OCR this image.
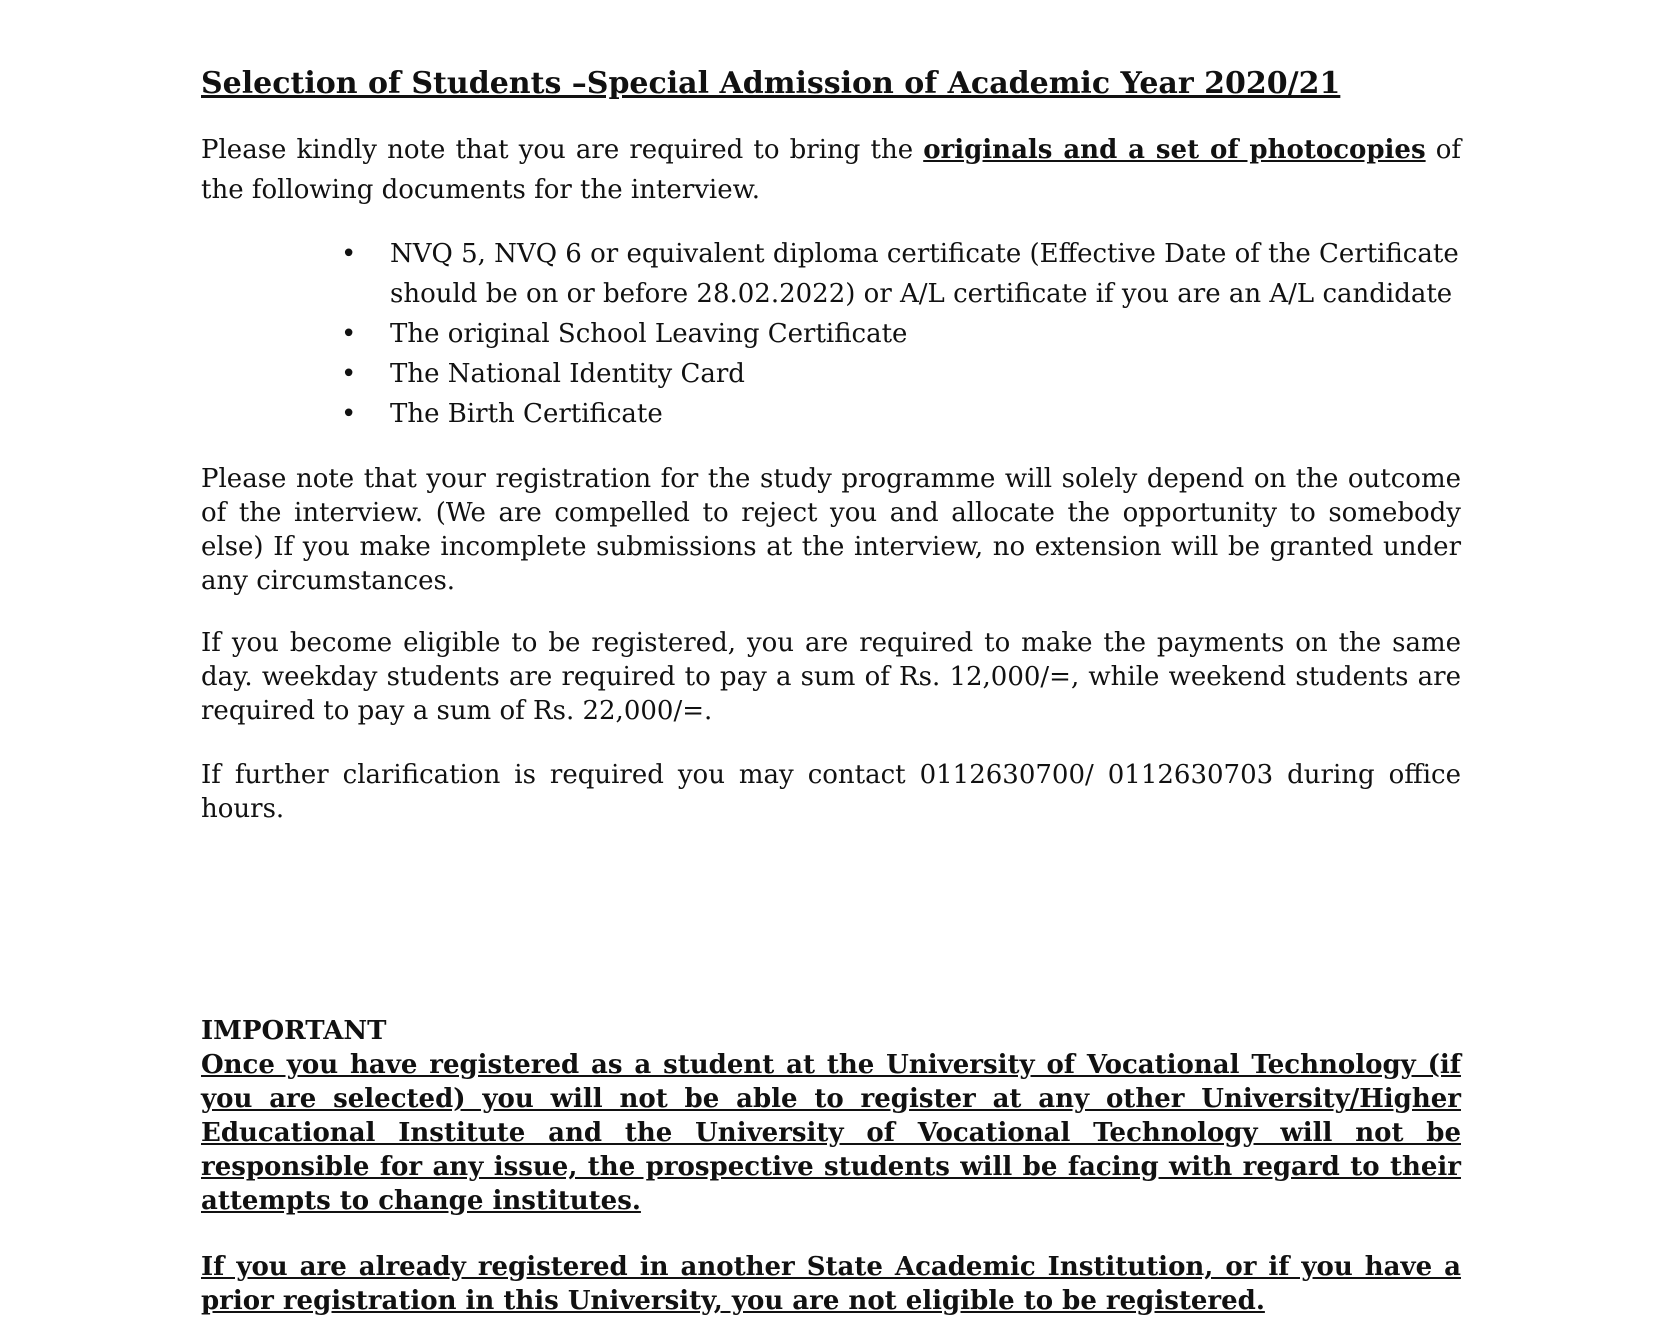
Selection of Students –Special Admission of Academic Year 2020/21

Please kindly note that you are required to bring the originals and a set of photocopies of the following documents for the interview.

• NVQ 5, NVQ 6 or equivalent diploma certificate (Effective Date of the Certificate should be on or before 28.02.2022) or A/L certificate if you are an A/L candidate
• The original School Leaving Certificate
• The National Identity Card
• The Birth Certificate

Please note that your registration for the study programme will solely depend on the outcome of the interview. (We are compelled to reject you and allocate the opportunity to somebody else) If you make incomplete submissions at the interview, no extension will be granted under any circumstances.

If you become eligible to be registered, you are required to make the payments on the same day. weekday students are required to pay a sum of Rs. 12,000/=, while weekend students are required to pay a sum of Rs. 22,000/=.

If further clarification is required you may contact 0112630700/ 0112630703 during office hours.

IMPORTANT
Once you have registered as a student at the University of Vocational Technology (if you are selected) you will not be able to register at any other University/Higher Educational Institute and the University of Vocational Technology will not be responsible for any issue, the prospective students will be facing with regard to their attempts to change institutes.
If you are already registered in another State Academic Institution, or if you have a prior registration in this University, you are not eligible to be registered.
